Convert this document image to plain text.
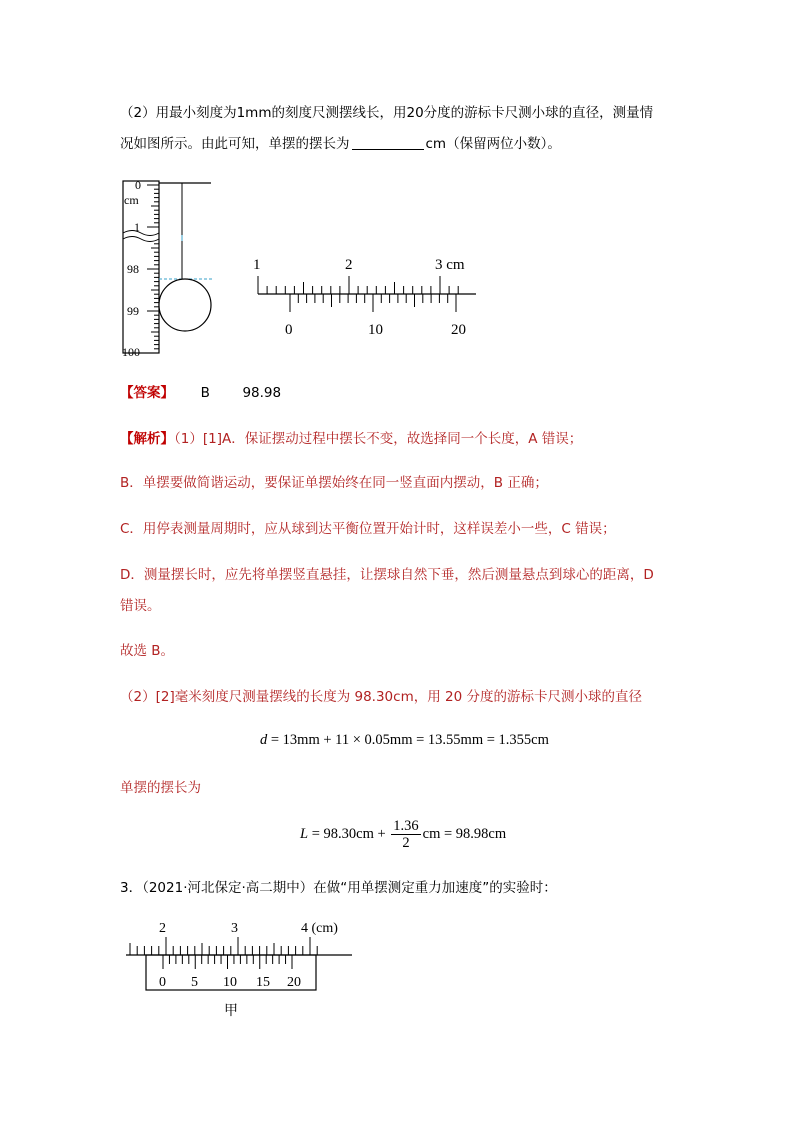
（2）用最小刻度为1mm的刻度尺测摆线长，用20分度的游标卡尺测小球的直径，测量情
况如图所示。由此可知，单摆的摆长为	cm（保留两位小数）。
0
cm
1
98
99
100
1	2	3 cm
0	10	20
【答案】 B 98.98
【解析】（1）[1]A．保证摆动过程中摆长不变，故选择同一个长度，A 错误；
B．单摆要做简谐运动，要保证单摆始终在同一竖直面内摆动，B 正确；
C．用停表测量周期时，应从球到达平衡位置开始计时，这样误差小一些，C 错误；
D．测量摆长时，应先将单摆竖直悬挂，让摆球自然下垂，然后测量悬点到球心的距离，D
错误。
故选 B。
（2）[2]毫米刻度尺测量摆线的长度为 98.30cm，用 20 分度的游标卡尺测小球的直径
d = 13mm + 11 × 0.05mm = 13.55mm = 1.355cm
单摆的摆长为
$L = 98.30cm + \frac{1.36}{2}$ cm = 98.98cm
3．（2021·河北保定·高二期中）在做“用单摆测定重力加速度”的实验时：
2	3	4 (cm)
0 5 10 15 20
甲
